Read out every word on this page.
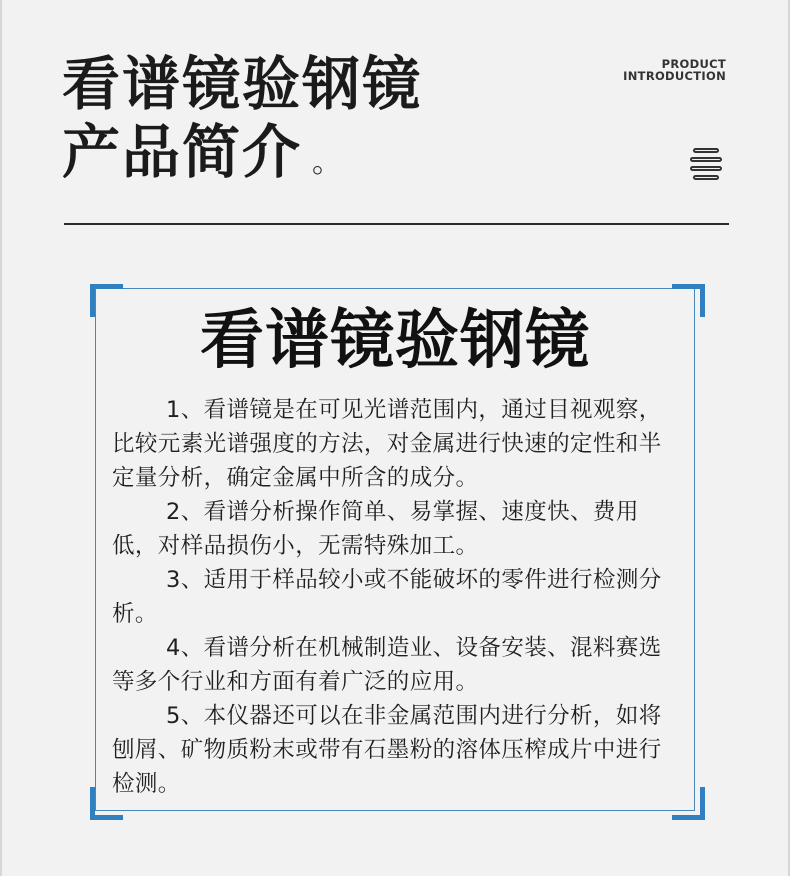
看谱镜验钢镜
产品简介 。
PRODUCT
INTRODUCTION
看谱镜验钢镜

1、看谱镜是在可见光谱范围内，通过目视观察，比较元素光谱强度的方法，对金属进行快速的定性和半定量分析，确定金属中所含的成分。

2、看谱分析操作简单、易掌握、速度快、费用低，对样品损伤小，无需特殊加工。

3、适用于样品较小或不能破坏的零件进行检测分析。

4、看谱分析在机械制造业、设备安装、混料赛选等多个行业和方面有着广泛的应用。

5、本仪器还可以在非金属范围内进行分析，如将刨屑、矿物质粉末或带有石墨粉的溶体压榨成片中进行检测。
